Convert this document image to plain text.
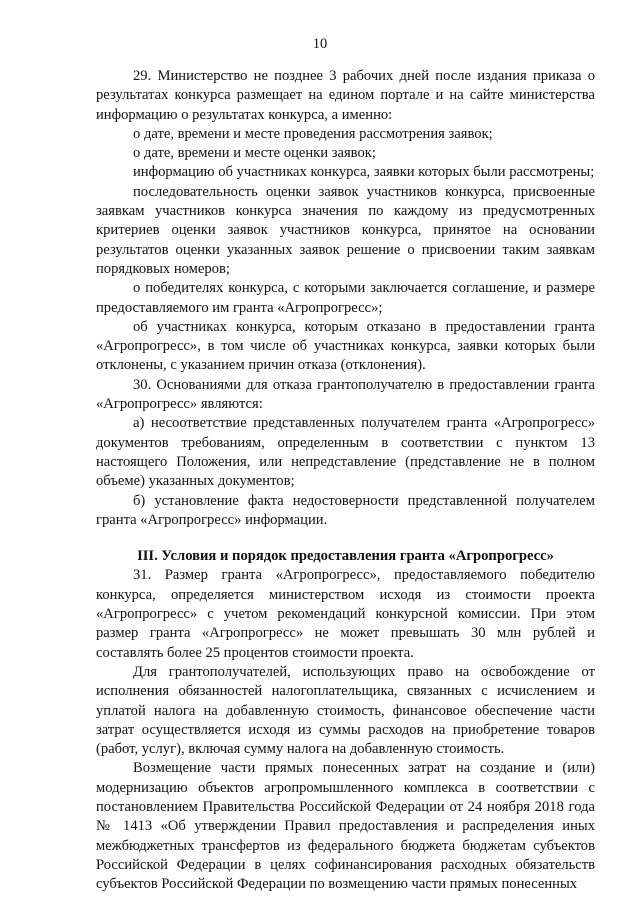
10

29. Министерство не позднее 3 рабочих дней после издания приказа о результатах конкурса размещает на едином портале и на сайте министерства информацию о результатах конкурса, а именно:

о дате, времени и месте проведения рассмотрения заявок;

о дате, времени и месте оценки заявок;

информацию об участниках конкурса, заявки которых были рассмотрены;

последовательность оценки заявок участников конкурса, присвоенные заявкам участников конкурса значения по каждому из предусмотренных критериев оценки заявок участников конкурса, принятое на основании результатов оценки указанных заявок решение о присвоении таким заявкам порядковых номеров;

о победителях конкурса, с которыми заключается соглашение, и размере предоставляемого им гранта «Агропрогресс»;

об участниках конкурса, которым отказано в предоставлении гранта «Агропрогресс», в том числе об участниках конкурса, заявки которых были отклонены, с указанием причин отказа (отклонения).

30. Основаниями для отказа грантополучателю в предоставлении гранта «Агропрогресс» являются:

а) несоответствие представленных получателем гранта «Агропрогресс» документов требованиям, определенным в соответствии с пунктом 13 настоящего Положения, или непредставление (представление не в полном объеме) указанных документов;

б) установление факта недостоверности представленной получателем гранта «Агропрогресс» информации.

III. Условия и порядок предоставления гранта «Агропрогресс»

31. Размер гранта «Агропрогресс», предоставляемого победителю конкурса, определяется министерством исходя из стоимости проекта «Агропрогресс» с учетом рекомендаций конкурсной комиссии. При этом размер гранта «Агропрогресс» не может превышать 30 млн рублей и составлять более 25 процентов стоимости проекта.

Для грантополучателей, использующих право на освобождение от исполнения обязанностей налогоплательщика, связанных с исчислением и уплатой налога на добавленную стоимость, финансовое обеспечение части затрат осуществляется исходя из суммы расходов на приобретение товаров (работ, услуг), включая сумму налога на добавленную стоимость.

Возмещение части прямых понесенных затрат на создание и (или) модернизацию объектов агропромышленного комплекса в соответствии с постановлением Правительства Российской Федерации от 24 ноября 2018 года № 1413 «Об утверждении Правил предоставления и распределения иных межбюджетных трансфертов из федерального бюджета бюджетам субъектов Российской Федерации в целях софинансирования расходных обязательств субъектов Российской Федерации по возмещению части прямых понесенных
